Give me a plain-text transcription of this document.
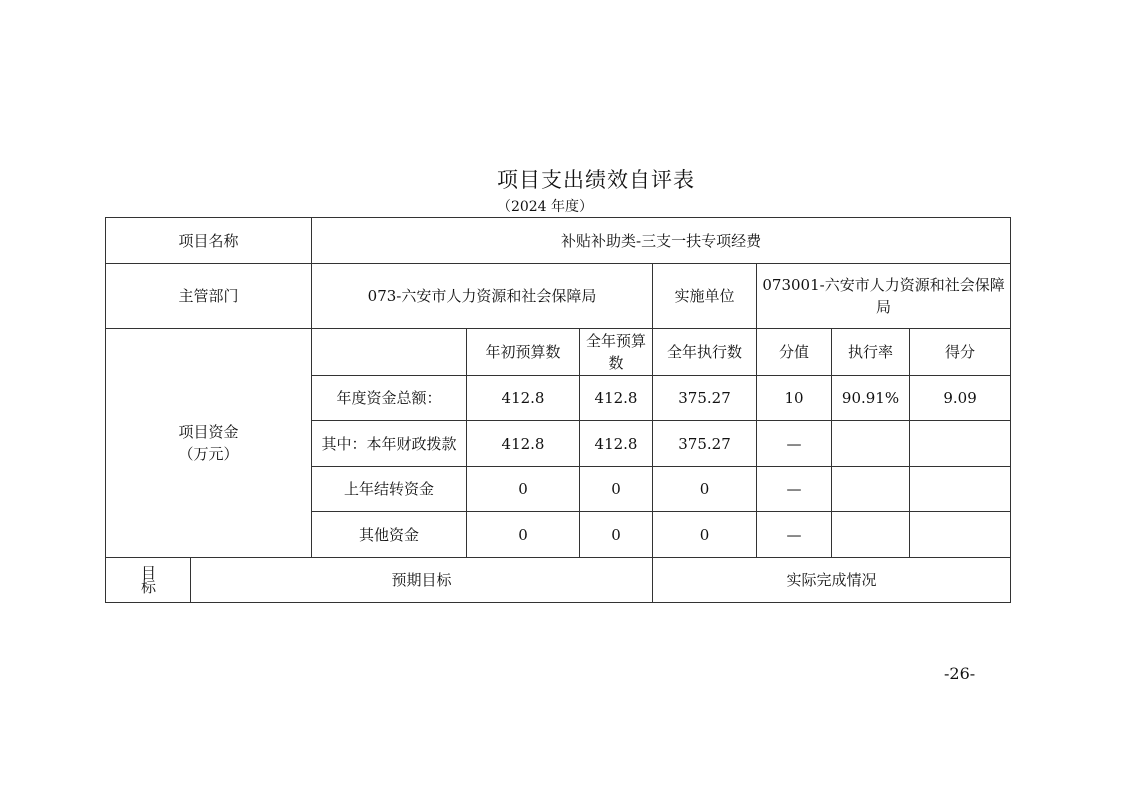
项目支出绩效自评表
（2024 年度）
项目名称		补贴补助类-三支一扶专项经费						
主管部门		073-六安市人力资源和社会保障局			实施单位	073001-六安市人力资源和社会保障局		

项目资金
（万元）			年初预算数	全年预算数	全年执行数	分值	执行率	得分
		年度资金总额：	412.8	412.8	375.27	10	90.91%	9.09
		其中：本年财政拨款	412.8	412.8	375.27	—		
		上年结转资金	0	0	0	—		
		其他资金	0	0	0	—		

目标	预期目标				实际完成情况			
-26-
